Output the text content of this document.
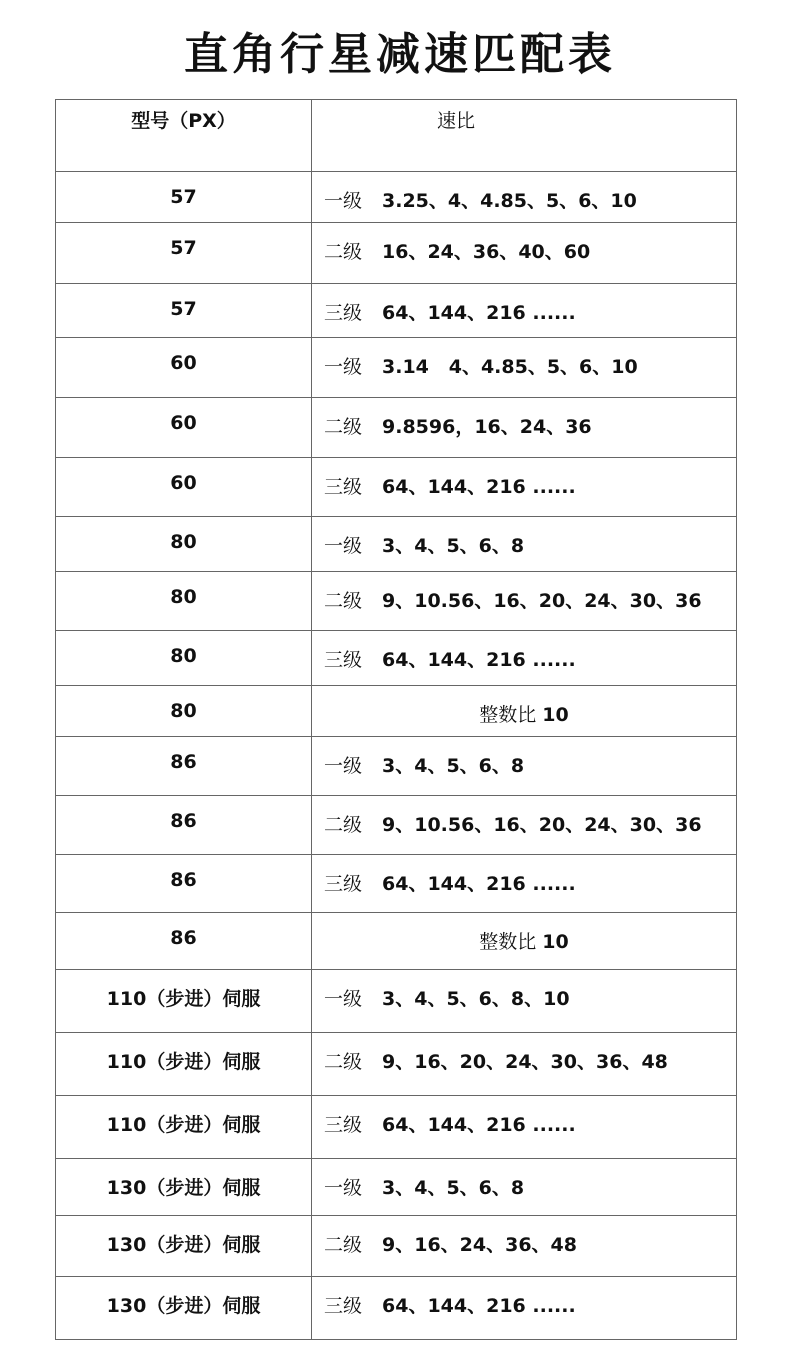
直角行星减速匹配表
型号（PX）	速比

57	一级 3.25、4、4.85、5、6、10

57	二级 16、24、36、40、60

57	三级 64、144、216 ......

60	一级 3.14   4、4.85、5、6、10

60	二级 9.8596，16、24、36

60	三级 64、144、216 ......

80	一级 3、4、5、6、8

80	二级 9、10.56、16、20、24、30、36

80	三级 64、144、216 ......

80	整数比 10

86	一级 3、4、5、6、8

86	二级 9、10.56、16、20、24、30、36

86	三级 64、144、216 ......

86	整数比 10

110（步进）伺服	一级 3、4、5、6、8、10

110（步进）伺服	二级 9、16、20、24、30、36、48

110（步进）伺服	三级 64、144、216 ......

130（步进）伺服	一级 3、4、5、6、8

130（步进）伺服	二级 9、16、24、36、48

130（步进）伺服	三级 64、144、216 ......
